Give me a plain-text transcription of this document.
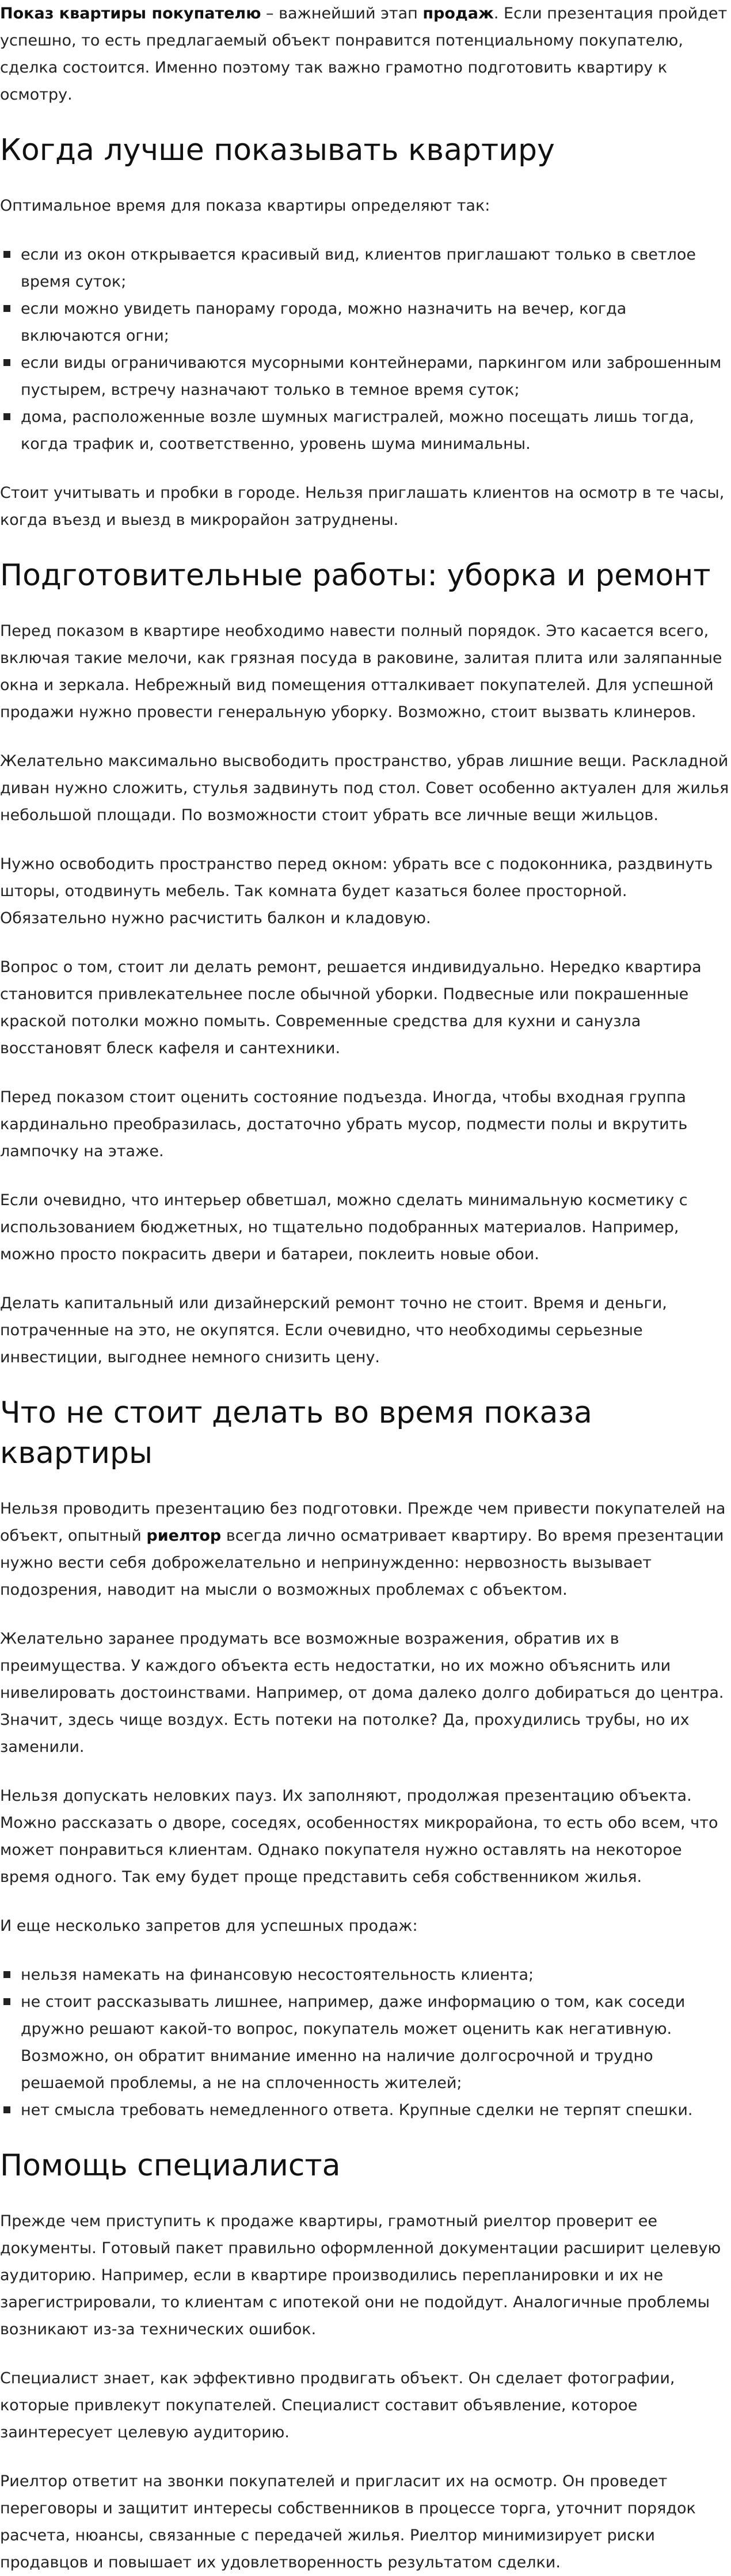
Показ квартиры покупателю – важнейший этап продаж. Если презентация пройдет успешно, то есть предлагаемый объект понравится потенциальному покупателю, сделка состоится. Именно поэтому так важно грамотно подготовить квартиру к осмотру.

Когда лучше показывать квартиру

Оптимальное время для показа квартиры определяют так:

если из окон открывается красивый вид, клиентов приглашают только в светлое время суток;
если можно увидеть панораму города, можно назначить на вечер, когда включаются огни;
если виды ограничиваются мусорными контейнерами, паркингом или заброшенным пустырем, встречу назначают только в темное время суток;
дома, расположенные возле шумных магистралей, можно посещать лишь тогда, когда трафик и, соответственно, уровень шума минимальны.

Стоит учитывать и пробки в городе. Нельзя приглашать клиентов на осмотр в те часы, когда въезд и выезд в микрорайон затруднены.

Подготовительные работы: уборка и ремонт

Перед показом в квартире необходимо навести полный порядок. Это касается всего, включая такие мелочи, как грязная посуда в раковине, залитая плита или заляпанные окна и зеркала. Небрежный вид помещения отталкивает покупателей. Для успешной продажи нужно провести генеральную уборку. Возможно, стоит вызвать клинеров.

Желательно максимально высвободить пространство, убрав лишние вещи. Раскладной диван нужно сложить, стулья задвинуть под стол. Совет особенно актуален для жилья небольшой площади. По возможности стоит убрать все личные вещи жильцов.

Нужно освободить пространство перед окном: убрать все с подоконника, раздвинуть шторы, отодвинуть мебель. Так комната будет казаться более просторной. Обязательно нужно расчистить балкон и кладовую.

Вопрос о том, стоит ли делать ремонт, решается индивидуально. Нередко квартира становится привлекательнее после обычной уборки. Подвесные или покрашенные краской потолки можно помыть. Современные средства для кухни и санузла восстановят блеск кафеля и сантехники.

Перед показом стоит оценить состояние подъезда. Иногда, чтобы входная группа кардинально преобразилась, достаточно убрать мусор, подмести полы и вкрутить лампочку на этаже.

Если очевидно, что интерьер обветшал, можно сделать минимальную косметику с использованием бюджетных, но тщательно подобранных материалов. Например, можно просто покрасить двери и батареи, поклеить новые обои.

Делать капитальный или дизайнерский ремонт точно не стоит. Время и деньги, потраченные на это, не окупятся. Если очевидно, что необходимы серьезные инвестиции, выгоднее немного снизить цену.

Что не стоит делать во время показа квартиры

Нельзя проводить презентацию без подготовки. Прежде чем привести покупателей на объект, опытный риелтор всегда лично осматривает квартиру. Во время презентации нужно вести себя доброжелательно и непринужденно: нервозность вызывает подозрения, наводит на мысли о возможных проблемах с объектом.

Желательно заранее продумать все возможные возражения, обратив их в преимущества. У каждого объекта есть недостатки, но их можно объяснить или нивелировать достоинствами. Например, от дома далеко долго добираться до центра. Значит, здесь чище воздух. Есть потеки на потолке? Да, прохудились трубы, но их заменили.

Нельзя допускать неловких пауз. Их заполняют, продолжая презентацию объекта. Можно рассказать о дворе, соседях, особенностях микрорайона, то есть обо всем, что может понравиться клиентам. Однако покупателя нужно оставлять на некоторое время одного. Так ему будет проще представить себя собственником жилья.

И еще несколько запретов для успешных продаж:

нельзя намекать на финансовую несостоятельность клиента;
не стоит рассказывать лишнее, например, даже информацию о том, как соседи дружно решают какой-то вопрос, покупатель может оценить как негативную. Возможно, он обратит внимание именно на наличие долгосрочной и трудно решаемой проблемы, а не на сплоченность жителей;
нет смысла требовать немедленного ответа. Крупные сделки не терпят спешки.
Помощь специалиста

Прежде чем приступить к продаже квартиры, грамотный риелтор проверит ее документы. Готовый пакет правильно оформленной документации расширит целевую аудиторию. Например, если в квартире производились перепланировки и их не зарегистрировали, то клиентам с ипотекой они не подойдут. Аналогичные проблемы возникают из-за технических ошибок.

Специалист знает, как эффективно продвигать объект. Он сделает фотографии, которые привлекут покупателей. Специалист составит объявление, которое заинтересует целевую аудиторию.

Риелтор ответит на звонки покупателей и пригласит их на осмотр. Он проведет переговоры и защитит интересы собственников в процессе торга, уточнит порядок расчета, нюансы, связанные с передачей жилья. Риелтор минимизирует риски продавцов и повышает их удовлетворенность результатом сделки.
